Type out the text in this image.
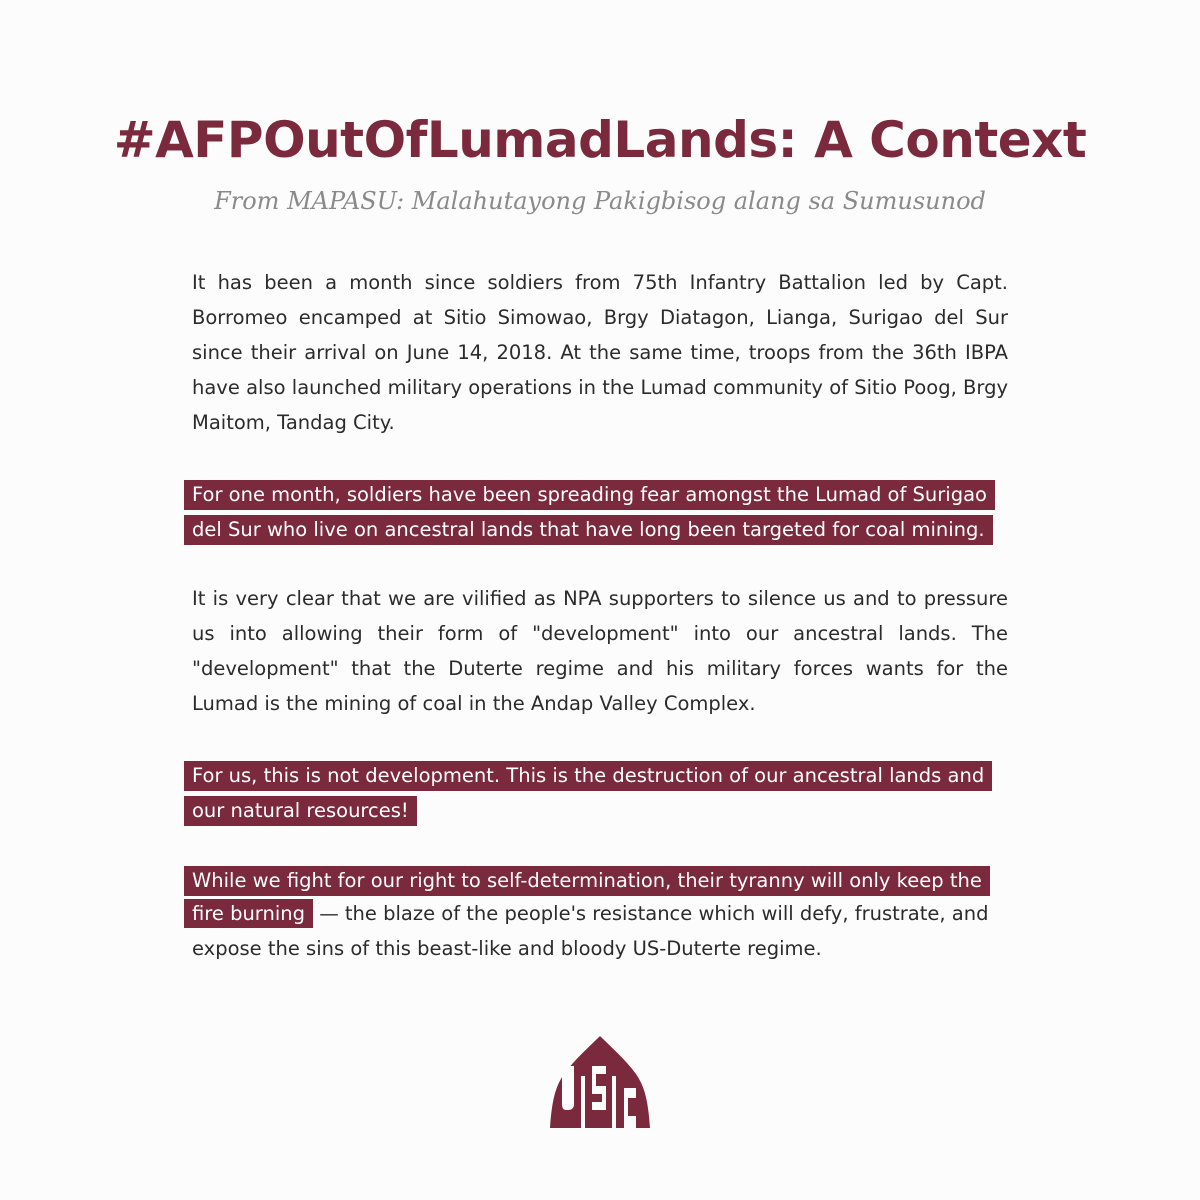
#AFPOutOfLumadLands: A Context
From MAPASU: Malahutayong Pakigbisog alang sa Sumusunod
It has been a month since soldiers from 75th Infantry Battalion led by Capt. Borromeo encamped at Sitio Simowao, Brgy Diatagon, Lianga, Surigao del Sur since their arrival on June 14, 2018. At the same time, troops from the 36th IBPA have also launched military operations in the Lumad community of Sitio Poog, Brgy Maitom, Tandag City.
For one month, soldiers have been spreading fear amongst the Lumad of Surigao
del Sur who live on ancestral lands that have long been targeted for coal mining.
It is very clear that we are vilified as NPA supporters to silence us and to pressure us into allowing their form of "development" into our ancestral lands. The "development" that the Duterte regime and his military forces wants for the Lumad is the mining of coal in the Andap Valley Complex.
For us, this is not development. This is the destruction of our ancestral lands and
our natural resources!
While we fight for our right to self-determination, their tyranny will only keep the
fire burning — the blaze of the people's resistance which will defy, frustrate, and expose the sins of this beast-like and bloody US-Duterte regime.
